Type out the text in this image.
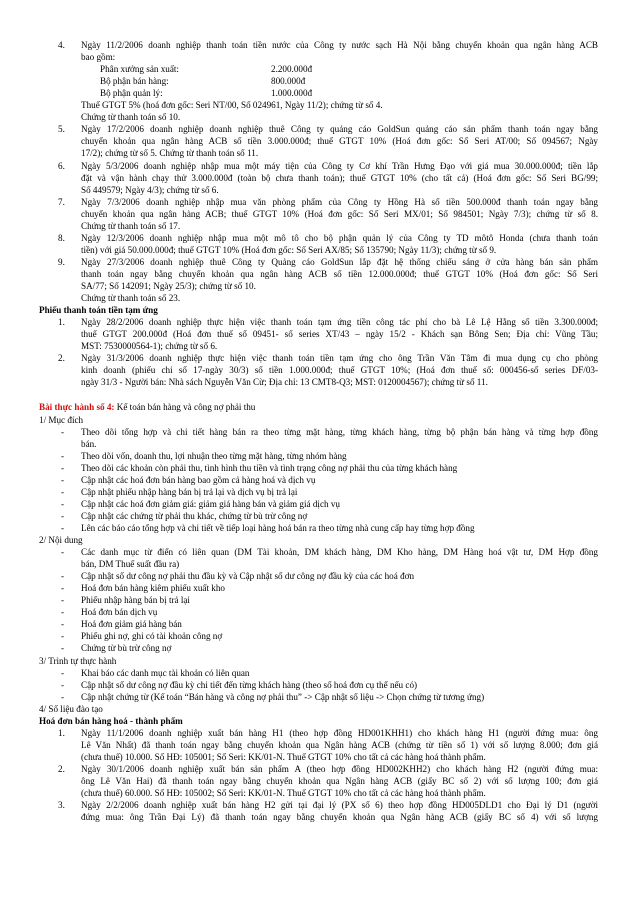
4. Ngày 11/2/2006 doanh nghiệp thanh toán tiền nước của Công ty nước sạch Hà Nội bằng chuyển khoản qua ngân hàng ACB
bao gồm:
Phân xưởng sản xuất:	2.200.000đ
Bộ phận bán hàng:	800.000đ
Bộ phận quản lý:	1.000.000đ
Thuế GTGT 5% (hoá đơn gốc: Seri NT/00, Số 024961, Ngày 11/2); chứng từ số 4.
Chứng từ thanh toán số 10.
5. Ngày 17/2/2006 doanh nghiệp doanh nghiệp thuê Công ty quảng cáo GoldSun quảng cáo sản phẩm thanh toán ngay bằng
chuyển khoản qua ngân hàng ACB số tiền 3.000.000đ; thuế GTGT 10% (Hoá đơn gốc: Số Seri AT/00; Số 094567; Ngày
17/2); chứng từ số 5. Chứng từ thanh toán số 11.
6. Ngày 5/3/2006 doanh nghiệp nhập mua một máy tiện của Công ty Cơ khí Trần Hưng Đạo với giá mua 30.000.000đ; tiền lắp
đặt và vận hành chạy thử 3.000.000đ (toàn bộ chưa thanh toán); thuế GTGT 10% (cho tất cả) (Hoá đơn gốc: Số Seri BG/99;
Số 449579; Ngày 4/3); chứng từ số 6.
7. Ngày 7/3/2006 doanh nghiệp nhập mua văn phòng phẩm của Công ty Hồng Hà số tiền 500.000đ thanh toán ngay bằng
chuyển khoản qua ngân hàng ACB; thuế GTGT 10% (Hoá đơn gốc: Số Seri MX/01; Số 984501; Ngày 7/3); chứng từ số 8.
Chứng từ thanh toán số 17.
8. Ngày 12/3/2006 doanh nghiệp nhập mua một mô tô cho bộ phận quản lý của Công ty TD môtô Honda (chưa thanh toán
tiền) với giá 50.000.000đ; thuế GTGT 10% (Hoá đơn gốc: Số Seri AX/85; Số 135790; Ngày 11/3); chứng từ số 9.
9. Ngày 27/3/2006 doanh nghiệp thuê Công ty Quảng cáo GoldSun lắp đặt hệ thống chiếu sáng ở cửa hàng bán sản phẩm
thanh toán ngay bằng chuyển khoản qua ngân hàng ACB số tiền 12.000.000đ; thuế GTGT 10% (Hoá đơn gốc: Số Seri
SA/77; Số 142091; Ngày 25/3); chứng từ số 10.
Chứng từ thanh toán số 23.
Phiếu thanh toán tiền tạm ứng
1. Ngày 28/2/2006 doanh nghiệp thực hiện việc thanh toán tạm ứng tiền công tác phí cho bà Lê Lệ Hằng số tiền 3.300.000đ;
thuế GTGT 200.000đ (Hoá đơn thuế số 09451- số series XT/43 – ngày 15/2 - Khách sạn Bông Sen; Địa chỉ: Vũng Tầu;
MST: 7530000564-1); chứng từ số 6.
2. Ngày 31/3/2006 doanh nghiệp thực hiện việc thanh toán tiền tạm ứng cho ông Trần Văn Tâm đi mua dụng cụ cho phòng
kinh doanh (phiếu chi số 17-ngày 30/3) số tiền 1.000.000đ; thuế GTGT 10%; (Hoá đơn thuế số: 000456-số series DF/03-
ngày 31/3 - Người bán: Nhà sách Nguyễn Văn Cừ; Địa chỉ: 13 CMT8-Q3; MST: 0120004567); chứng từ số 11.
Bài thực hành số 4: Kế toán bán hàng và công nợ phải thu
1/ Mục đích
- Theo dõi tổng hợp và chi tiết hàng bán ra theo từng mặt hàng, từng khách hàng, từng bộ phận bán hàng và từng hợp đồng
bán.
- Theo dõi vốn, doanh thu, lợi nhuận theo từng mặt hàng, từng nhóm hàng
- Theo dõi các khoản còn phải thu, tình hình thu tiền và tình trạng công nợ phải thu của từng khách hàng
- Cập nhật các hoá đơn bán hàng bao gồm cả hàng hoá và dịch vụ
- Cập nhật phiếu nhập hàng bán bị trả lại và dịch vụ bị trả lại
- Cập nhật các hoá đơn giảm giá: giảm giá hàng bán và giảm giá dịch vụ
- Cập nhật các chứng từ phải thu khác, chứng từ bù trừ công nợ
- Lên các báo cáo tổng hợp và chi tiết về tiếp loại hàng hoá bán ra theo từng nhà cung cấp hay từng hợp đồng
2/ Nội dung
- Các danh mục từ điển có liên quan (DM Tài khoản, DM khách hàng, DM Kho hàng, DM Hàng hoá vật tư, DM Hợp đồng
bán, DM Thuế suất đầu ra)
- Cập nhật số dư công nợ phải thu đầu kỳ và Cập nhật số dư công nợ đầu kỳ của các hoá đơn
- Hoá đơn bán hàng kiêm phiếu xuất kho
- Phiếu nhập hàng bán bị trả lại
- Hoá đơn bán dịch vụ
- Hoá đơn giảm giá hàng bán
- Phiếu ghi nợ, ghi có tài khoản công nợ
- Chứng từ bù trừ công nợ
3/ Trình tự thực hành
- Khai báo các danh mục tài khoản có liên quan
- Cập nhật số dư công nợ đầu kỳ chi tiết đến từng khách hàng (theo số hoá đơn cụ thể nếu có)
- Cập nhật chứng từ (Kế toán “Bán hàng và công nợ phải thu” -> Cập nhật số liệu -> Chọn chứng từ tương ứng)
4/ Số liệu đào tạo
Hoá đơn bán hàng hoá - thành phẩm
1. Ngày 11/1/2006 doanh nghiệp xuất bán hàng H1 (theo hợp đồng HD001KHH1) cho khách hàng H1 (người đứng mua: ông
Lê Văn Nhất) đã thanh toán ngay bằng chuyển khoản qua Ngân hàng ACB (chứng từ tiền số 1) với số lượng 8.000; đơn giá
(chưa thuế) 10.000. Số HĐ: 105001; Số Seri: KK/01-N. Thuế GTGT 10% cho tất cả các hàng hoá thành phẩm.
2. Ngày 30/1/2006 doanh nghiệp xuất bán sản phẩm A (theo hợp đồng HD002KHH2) cho khách hàng H2 (người đứng mua:
ông Lê Văn Hai) đã thanh toán ngay bằng chuyển khoản qua Ngân hàng ACB (giấy BC số 2) với số lượng 100; đơn giá
(chưa thuế) 60.000. Số HĐ: 105002; Số Seri: KK/01-N. Thuế GTGT 10% cho tất cả các hàng hoá thành phẩm.
3. Ngày 2/2/2006 doanh nghiệp xuất bán hàng H2 gửi tại đại lý (PX số 6) theo hợp đồng HD005DLD1 cho Đại lý D1 (người
đứng mua: ông Trần Đại Lý) đã thanh toán ngay bằng chuyển khoản qua Ngân hàng ACB (giấy BC số 4) với số lượng
